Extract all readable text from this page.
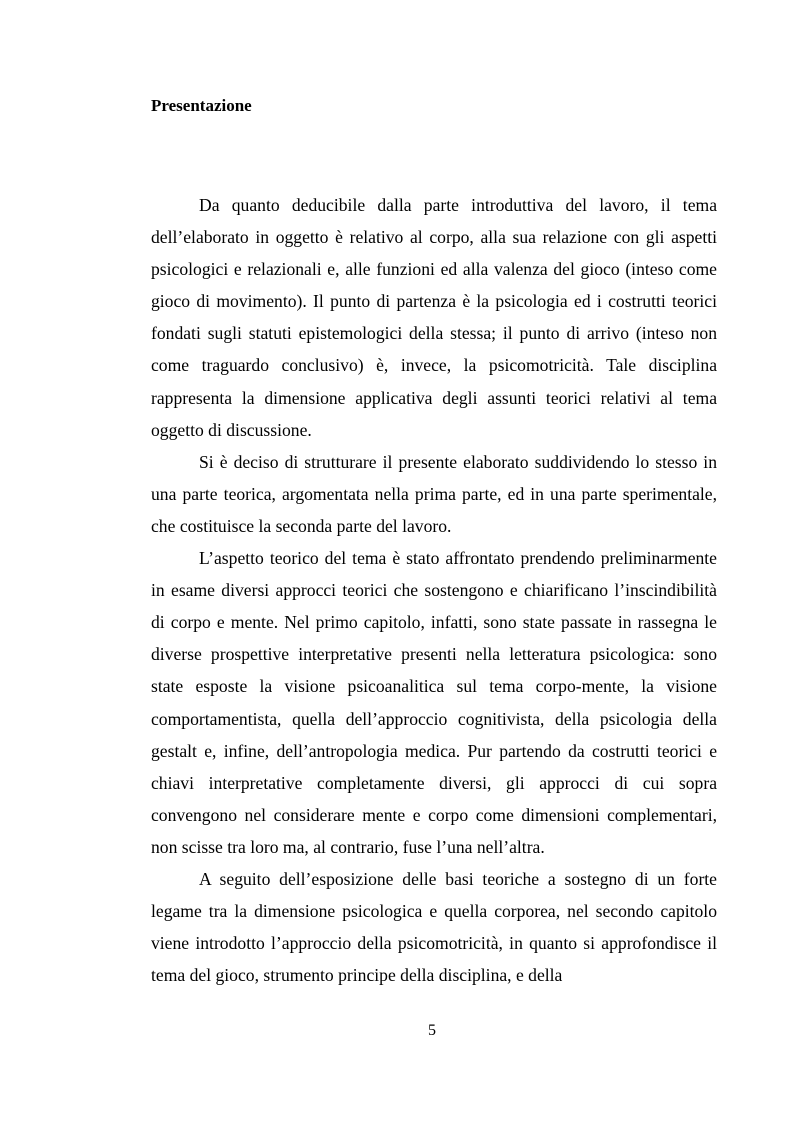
Presentazione

Da quanto deducibile dalla parte introduttiva del lavoro, il tema dell’elaborato in oggetto è relativo al corpo, alla sua relazione con gli aspetti psicologici e relazionali e, alle funzioni ed alla valenza del gioco (inteso come gioco di movimento). Il punto di partenza è la psicologia ed i costrutti teorici fondati sugli statuti epistemologici della stessa; il punto di arrivo (inteso non come traguardo conclusivo) è, invece, la psicomotricità. Tale disciplina rappresenta la dimensione applicativa degli assunti teorici relativi al tema oggetto di discussione.

Si è deciso di strutturare il presente elaborato suddividendo lo stesso in una parte teorica, argomentata nella prima parte, ed in una parte sperimentale, che costituisce la seconda parte del lavoro.

L’aspetto teorico del tema è stato affrontato prendendo preliminarmente in esame diversi approcci teorici che sostengono e chiarificano l’inscindibilità di corpo e mente. Nel primo capitolo, infatti, sono state passate in rassegna le diverse prospettive interpretative presenti nella letteratura psicologica: sono state esposte la visione psicoanalitica sul tema corpo-mente, la visione comportamentista, quella dell’approccio cognitivista, della psicologia della gestalt e, infine, dell’antropologia medica. Pur partendo da costrutti teorici e chiavi interpretative completamente diversi, gli approcci di cui sopra convengono nel considerare mente e corpo come dimensioni complementari, non scisse tra loro ma, al contrario, fuse l’una nell’altra.

A seguito dell’esposizione delle basi teoriche a sostegno di un forte legame tra la dimensione psicologica e quella corporea, nel secondo capitolo viene introdotto l’approccio della psicomotricità, in quanto si approfondisce il tema del gioco, strumento principe della disciplina, e della

5
